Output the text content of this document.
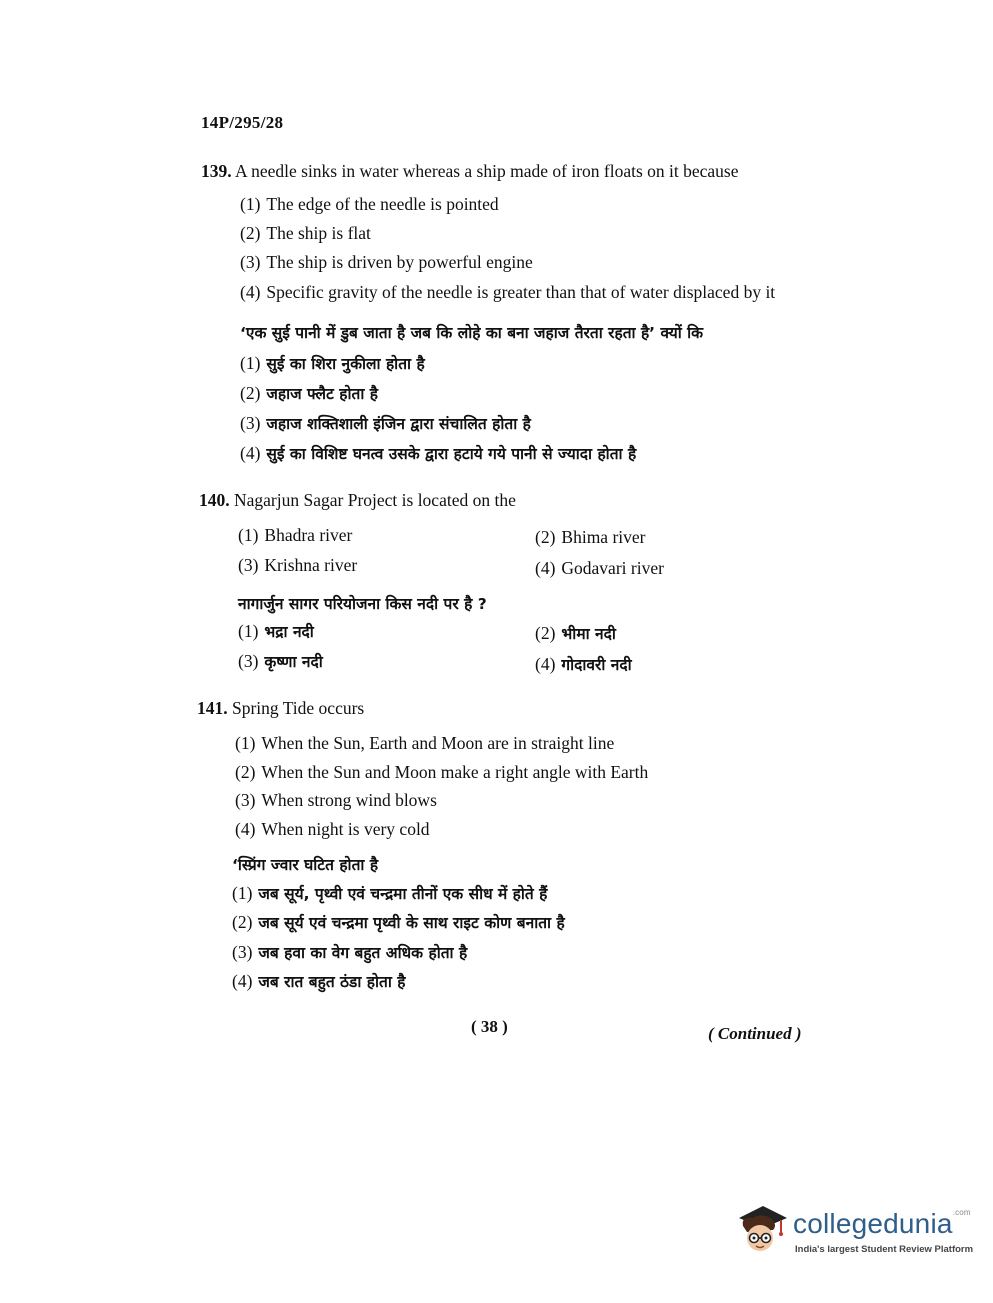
14P/295/28
139. A needle sinks in water whereas a ship made of iron floats on it because
(1) The edge of the needle is pointed
(2) The ship is flat
(3) The ship is driven by powerful engine
(4) Specific gravity of the needle is greater than that of water displaced by it
‘एक सुई पानी में डुब जाता है जब कि लोहे का बना जहाज तैरता रहता है’ क्यों कि
(1) सुई का शिरा नुकीला होता है
(2) जहाज फ्लैट होता है
(3) जहाज शक्तिशाली इंजिन द्वारा संचालित होता है
(4) सुई का विशिष्ट घनत्व उसके द्वारा हटाये गये पानी से ज्यादा होता है
140. Nagarjun Sagar Project is located on the
(1) Bhadra river	(2) Bhima river
(3) Krishna river	(4) Godavari river
नागार्जुन सागर परियोजना किस नदी पर है ?
(1) भद्रा नदी	(2) भीमा नदी
(3) कृष्णा नदी	(4) गोदावरी नदी
141. Spring Tide occurs
(1) When the Sun, Earth and Moon are in straight line
(2) When the Sun and Moon make a right angle with Earth
(3) When strong wind blows
(4) When night is very cold
‘स्प्रिंग ज्वार घटित होता है
(1) जब सूर्य, पृथ्वी एवं चन्द्रमा तीनों एक सीध में होते हैं
(2) जब सूर्य एवं चन्द्रमा पृथ्वी के साथ राइट कोण बनाता है
(3) जब हवा का वेग बहुत अधिक होता है
(4) जब रात बहुत ठंडा होता है
( 38 )	( Continued )
collegedunia$^{.com}$
India's largest Student Review Platform
